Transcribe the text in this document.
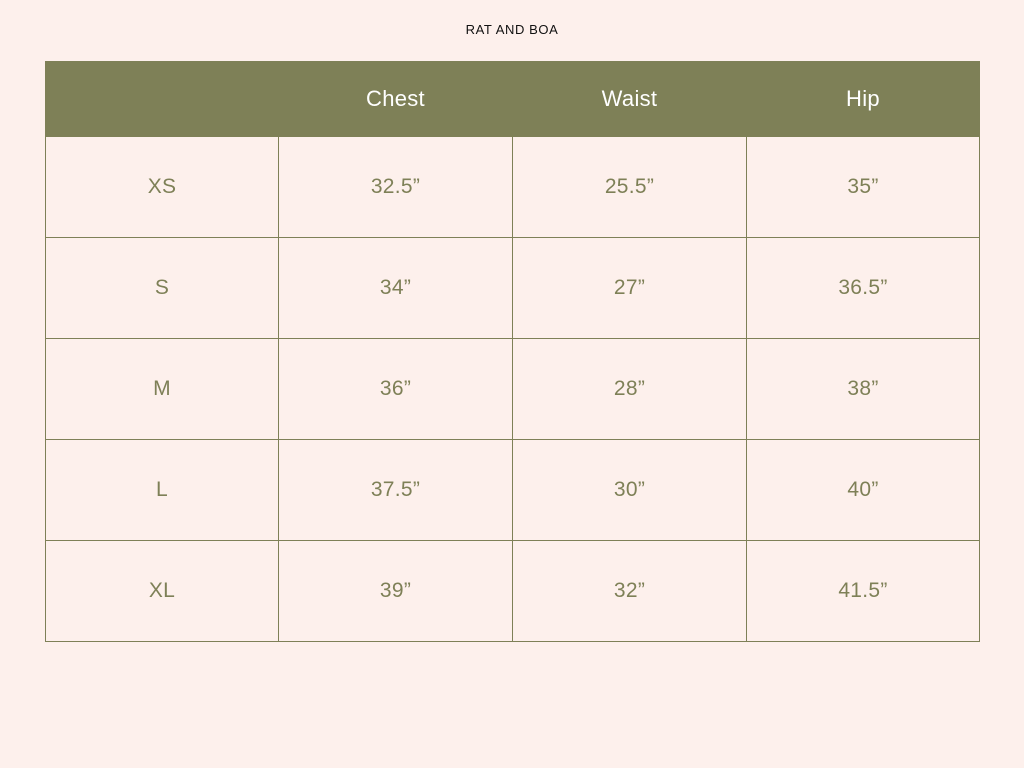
RAT AND BOA
	Chest	Waist	Hip
XS	32.5”	25.5”	35”
S	34”	27”	36.5”
M	36”	28”	38”
L	37.5”	30”	40”
XL	39”	32”	41.5”
